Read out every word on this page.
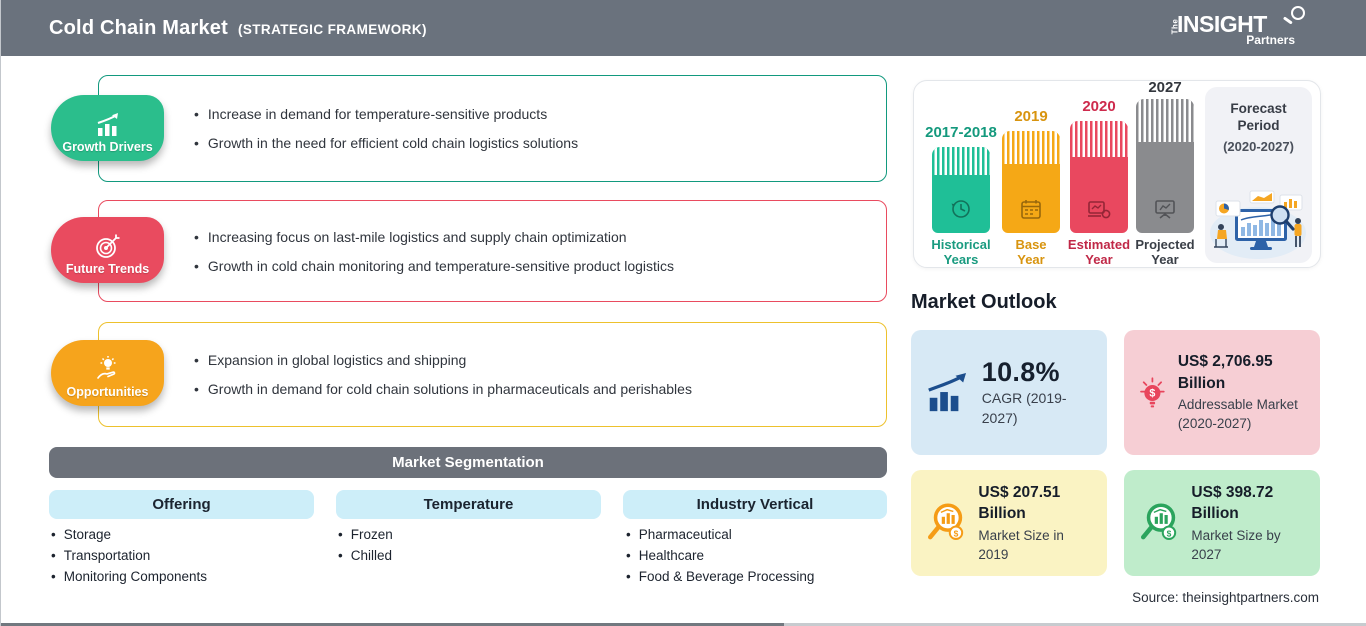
Cold Chain Market (STRATEGIC FRAMEWORK)	The
INSIGHT
Partners
• Increase in demand for temperature-sensitive products
• Growth in the need for efficient cold chain logistics solutions
Growth Drivers
• Increasing focus on last-mile logistics and supply chain optimization
• Growth in cold chain monitoring and temperature-sensitive product logistics
Future Trends
• Expansion in global logistics and shipping
• Growth in demand for cold chain solutions in pharmaceuticals and perishables
Opportunities
Market Segmentation
Offering	Temperature	Industry Vertical
• Storage
• Transportation
• Monitoring Components
• Frozen
• Chilled
• Pharmaceutical
• Healthcare
• Food & Beverage Processing
2017-2018
2019
2020
2027
Historical
Years
Base
Year
Estimated
Year
Projected
Year
Forecast
Period
(2020-2027)
Market Outlook
10.8%
CAGR (2019-2027)
$
US$ 2,706.95 Billion
Addressable Market (2020-2027)
$
US$ 207.51 Billion
Market Size in 2019
$
US$ 398.72 Billion
Market Size by 2027
Source: theinsightpartners.com
